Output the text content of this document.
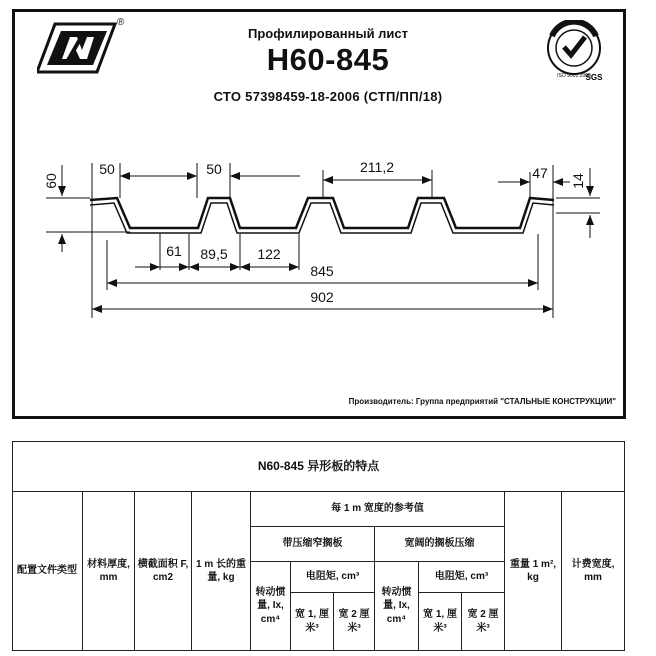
®
Профилированный лист
H60-845
СТО 57398459-18-2006 (СТП/ПП/18)
ISO 9001:2000
SGS
60
50	50	211,2	47 14
61 89,5 122
845
902
Производитель: Группа предприятий "СТАЛЬНЫЕ КОНСТРУКЦИИ"
N60-845 异形板的特点											
配置文件类型	材料厚度, mm	横截面积 F, cm2	1 m 长的重量, kg	每 1 m 宽度的参考值						重量 1 m², kg	计费宽度, mm
				带压缩窄搁板			宽阔的搁板压缩				
				转动惯量, Ix, cm⁴	电阻矩, cm³		转动惯量, Ix, cm⁴	电阻矩, cm³			
					宽 1, 厘米³	宽 2 厘米³		宽 1, 厘米³	宽 2 厘米³		
